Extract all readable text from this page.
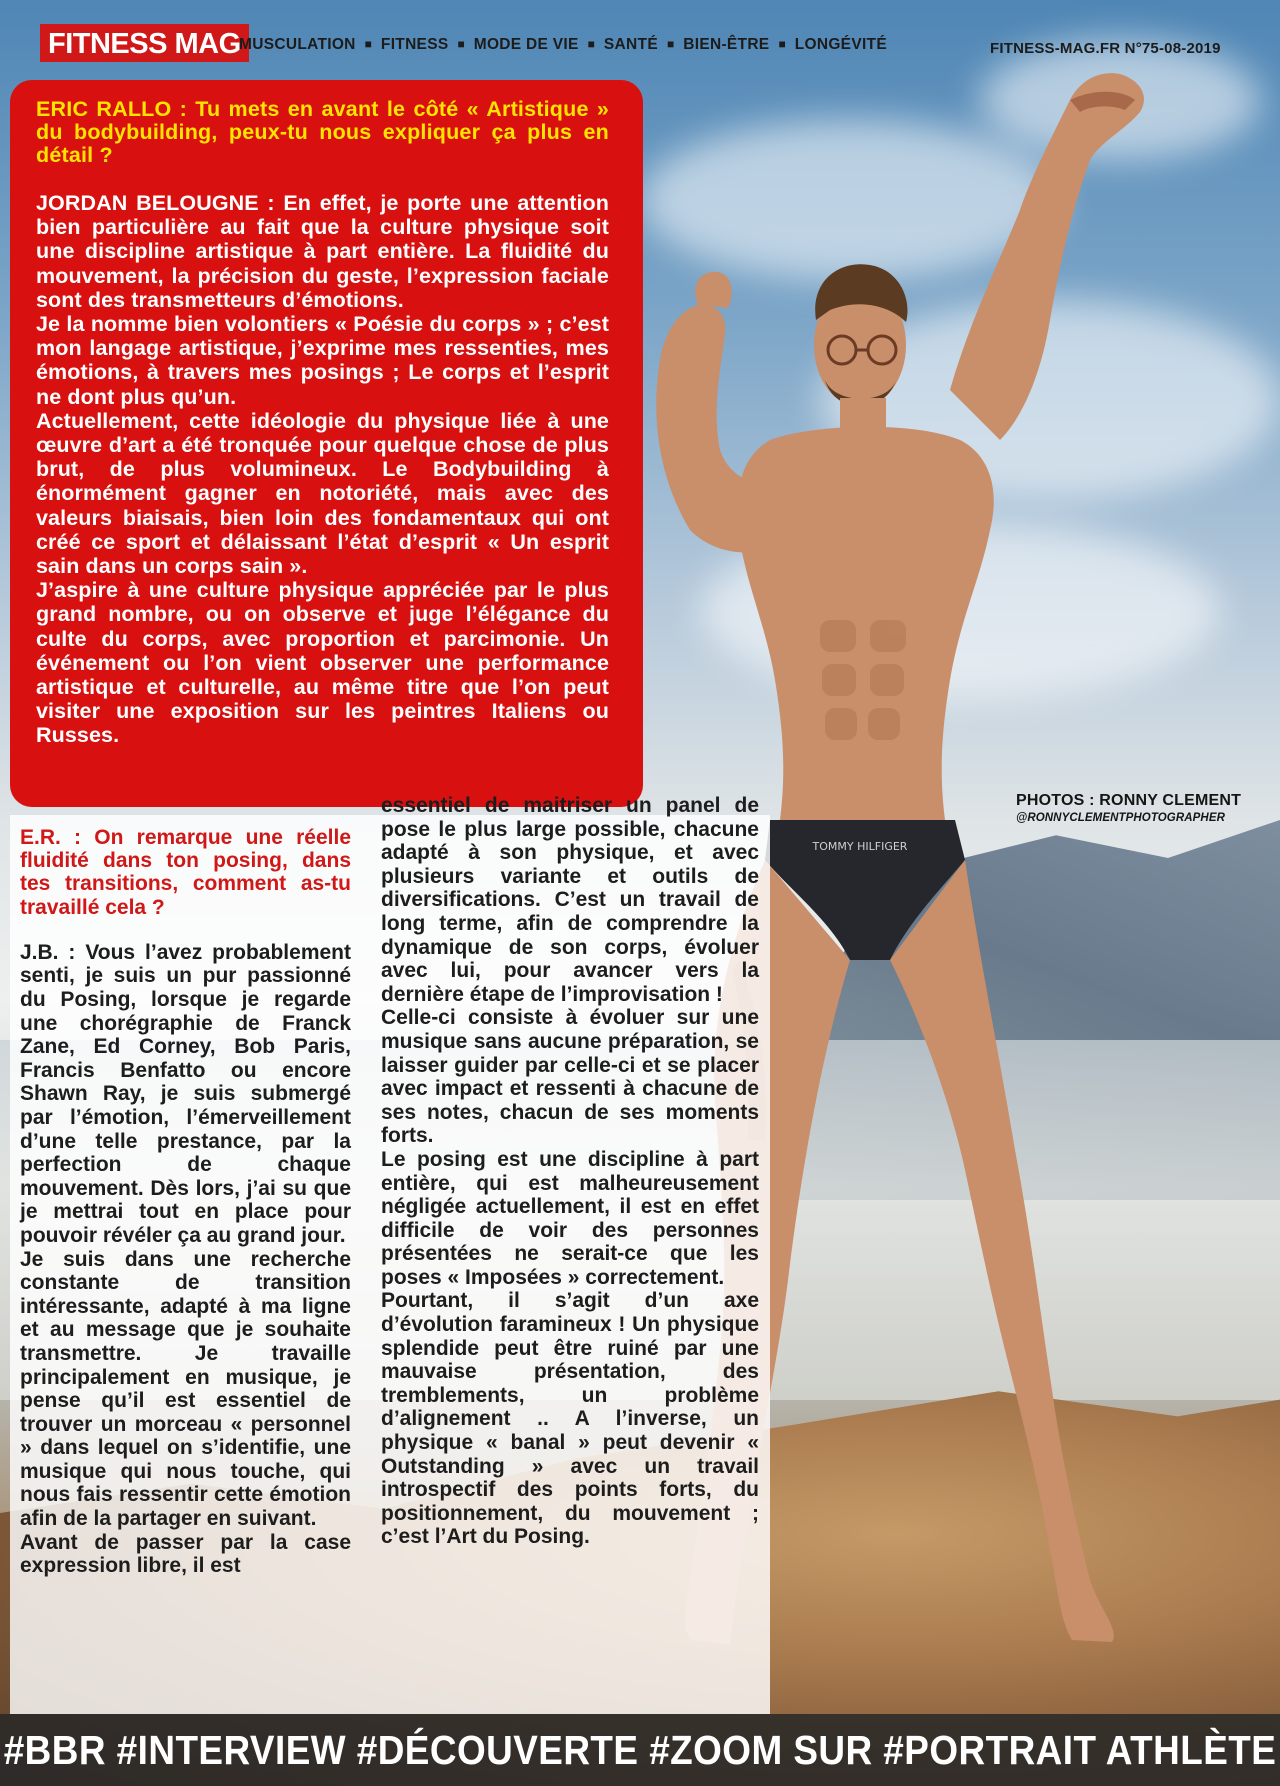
TOMMY HILFIGER
FITNESS MAG
MUSCULATION ■ FITNESS ■ MODE DE VIE ■ SANTÉ ■ BIEN-ÊTRE ■ LONGÉVITÉ	FITNESS-MAG.FR N°75-08-2019
ERIC RALLO : Tu mets en avant le côté « Artistique » du bodybuilding, peux-tu nous expliquer ça plus en détail ?

JORDAN BELOUGNE : En effet, je porte une attention bien particulière au fait que la culture physique soit une discipline artistique à part entière. La fluidité du mouvement, la précision du geste, l’expression faciale sont des transmetteurs d’émotions.

Je la nomme bien volontiers « Poésie du corps » ; c’est mon langage artistique, j’exprime mes ressenties, mes émotions, à travers mes posings ; Le corps et l’esprit ne dont plus qu’un.

Actuellement, cette idéologie du physique liée à une œuvre d’art a été tronquée pour quelque chose de plus brut, de plus volumineux. Le Bodybuilding à énormément gagner en notoriété, mais avec des valeurs biaisais, bien loin des fondamentaux qui ont créé ce sport et délaissant l’état d’esprit « Un esprit sain dans un corps sain ».

J’aspire à une culture physique appréciée par le plus grand nombre, ou on observe et juge l’élégance du culte du corps, avec proportion et parcimonie. Un événement ou l’on vient observer une performance artistique et culturelle, au même titre que l’on peut visiter une exposition sur les peintres Italiens ou Russes.

PHOTOS : RONNY CLEMENT
@RONNYCLEMENTPHOTOGRAPHER
E.R. : On remarque une réelle fluidité dans ton posing, dans tes transitions, comment as-tu travaillé cela ?

J.B. : Vous l’avez probablement senti, je suis un pur passionné du Posing, lorsque je regarde une chorégraphie de Franck Zane, Ed Corney, Bob Paris, Francis Benfatto ou encore Shawn Ray, je suis submergé par l’émotion, l’émerveillement d’une telle prestance, par la perfection de chaque mouvement. Dès lors, j’ai su que je mettrai tout en place pour pouvoir révéler ça au grand jour.

Je suis dans une recherche constante de transition intéressante, adapté à ma ligne et au message que je souhaite transmettre. Je travaille principalement en musique, je pense qu’il est essentiel de trouver un morceau « personnel » dans lequel on s’identifie, une musique qui nous touche, qui nous fais ressentir cette émotion afin de la partager en suivant.

Avant de passer par la case expression libre, il est

essentiel de maitriser un panel de pose le plus large possible, chacune adapté à son physique, et avec plusieurs variante et outils de diversifications. C’est un travail de long terme, afin de comprendre la dynamique de son corps, évoluer avec lui, pour avancer vers la dernière étape de l’improvisation !

Celle-ci consiste à évoluer sur une musique sans aucune préparation, se laisser guider par celle-ci et se placer avec impact et ressenti à chacune de ses notes, chacun de ses moments forts.

Le posing est une discipline à part entière, qui est malheureusement négligée actuellement, il est en effet difficile de voir des personnes présentées ne serait-ce que les poses « Imposées » correctement.

Pourtant, il s’agit d’un axe d’évolution faramineux ! Un physique splendide peut être ruiné par une mauvaise présentation, des tremblements, un problème d’alignement .. A l’inverse, un physique « banal » peut devenir « Outstanding » avec un travail introspectif des points forts, du positionnement, du mouvement ; c’est l’Art du Posing.

#BBR #INTERVIEW #DÉCOUVERTE #ZOOM SUR #PORTRAIT ATHLÈTE
